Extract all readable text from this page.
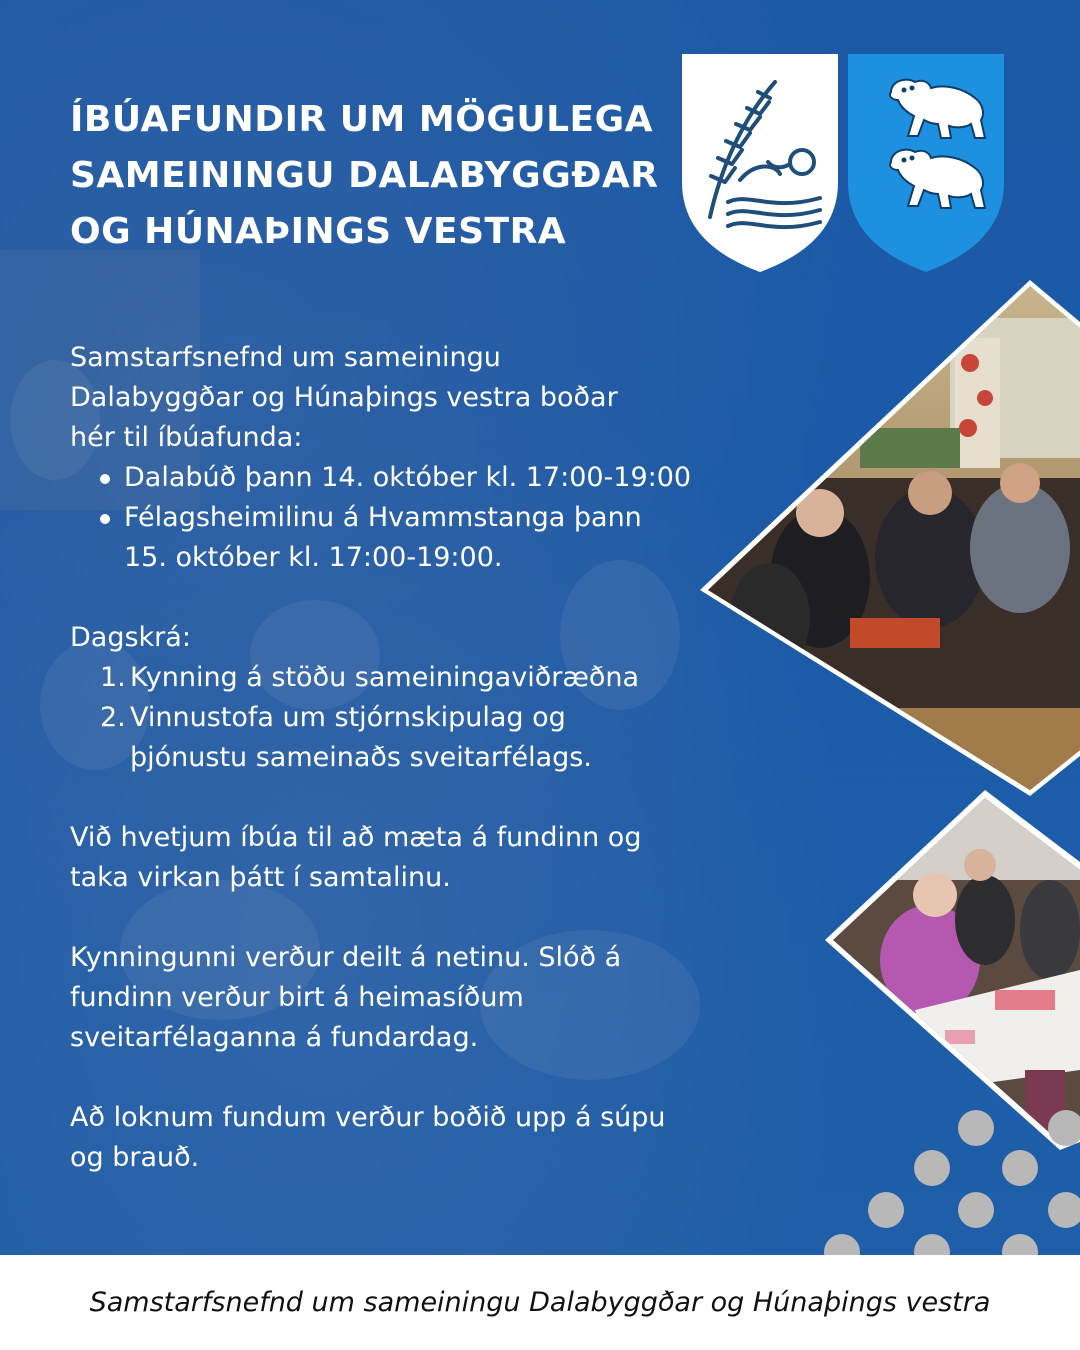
ÍBÚAFUNDIR UM MÖGULEGA
SAMEININGU DALABYGGÐAR
OG HÚNAÞINGS VESTRA

Samstarfsnefnd um sameiningu

Dalabyggðar og Húnaþings vestra boðar

hér til íbúafunda:

Dalabúð þann 14. október kl. 17:00-19:00
Félagsheimilinu á Hvammstanga þann
15. október kl. 17:00-19:00.

Dagskrá:

1. Kynning á stöðu sameiningaviðræðna
2. Vinnustofa um stjórnskipulag og
þjónustu sameinaðs sveitarfélags.

Við hvetjum íbúa til að mæta á fundinn og

taka virkan þátt í samtalinu.

Kynningunni verður deilt á netinu. Slóð á

fundinn verður birt á heimasíðum

sveitarfélaganna á fundardag.

Að loknum fundum verður boðið upp á súpu

og brauð.

Samstarfsnefnd um sameiningu Dalabyggðar og Húnaþings vestra
